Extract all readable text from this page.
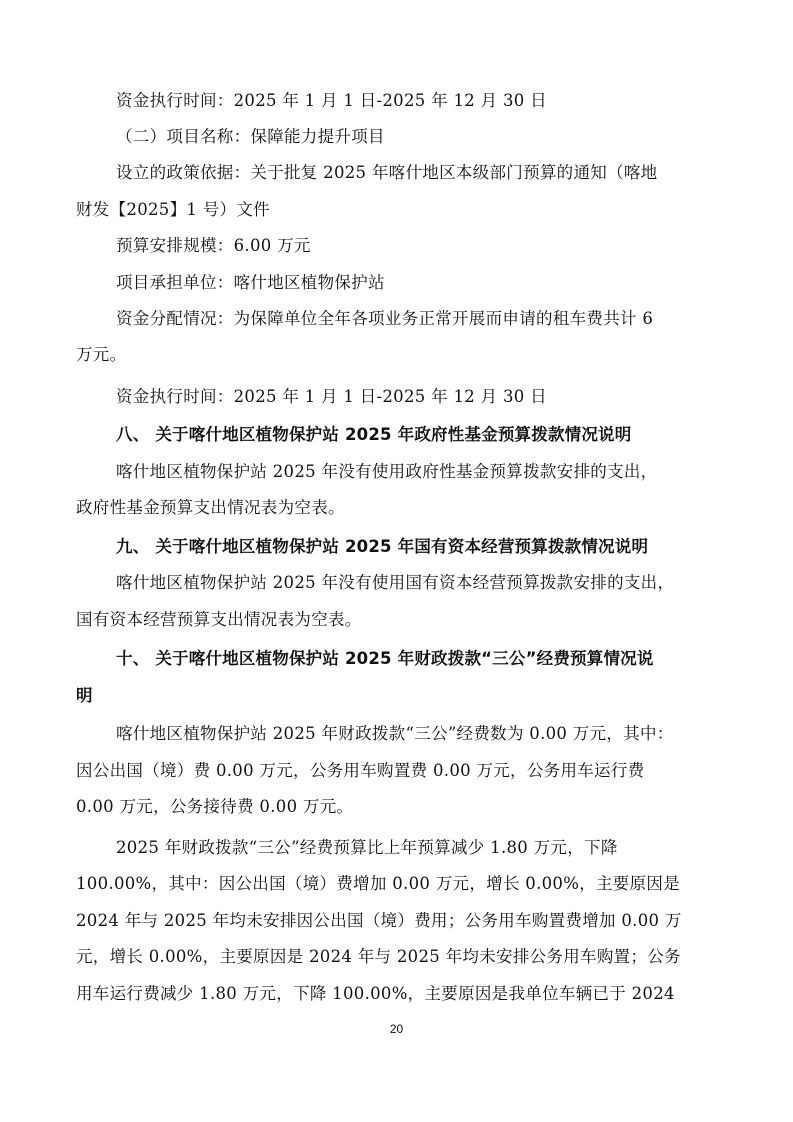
资金执行时间：2025 年 1 月 1 日-2025 年 12 月 30 日
（二）项目名称：保障能力提升项目
设立的政策依据：关于批复 2025 年喀什地区本级部门预算的通知（喀地
财发【2025】1 号）文件
预算安排规模：6.00 万元
项目承担单位：喀什地区植物保护站
资金分配情况：为保障单位全年各项业务正常开展而申请的租车费共计 6
万元。
资金执行时间：2025 年 1 月 1 日-2025 年 12 月 30 日
八、 关于喀什地区植物保护站 2025 年政府性基金预算拨款情况说明
喀什地区植物保护站 2025 年没有使用政府性基金预算拨款安排的支出，
政府性基金预算支出情况表为空表。
九、 关于喀什地区植物保护站 2025 年国有资本经营预算拨款情况说明
喀什地区植物保护站 2025 年没有使用国有资本经营预算拨款安排的支出，
国有资本经营预算支出情况表为空表。
十、 关于喀什地区植物保护站 2025 年财政拨款“三公”经费预算情况说
明
喀什地区植物保护站 2025 年财政拨款“三公”经费数为 0.00 万元，其中：
因公出国（境）费 0.00 万元，公务用车购置费 0.00 万元，公务用车运行费
0.00 万元，公务接待费 0.00 万元。
2025 年财政拨款“三公”经费预算比上年预算减少 1.80 万元，下降
100.00%，其中：因公出国（境）费增加 0.00 万元，增长 0.00%，主要原因是
2024 年与 2025 年均未安排因公出国（境）费用；公务用车购置费增加 0.00 万
元，增长 0.00%，主要原因是 2024 年与 2025 年均未安排公务用车购置；公务
用车运行费减少 1.80 万元，下降 100.00%，主要原因是我单位车辆已于 2024
20
